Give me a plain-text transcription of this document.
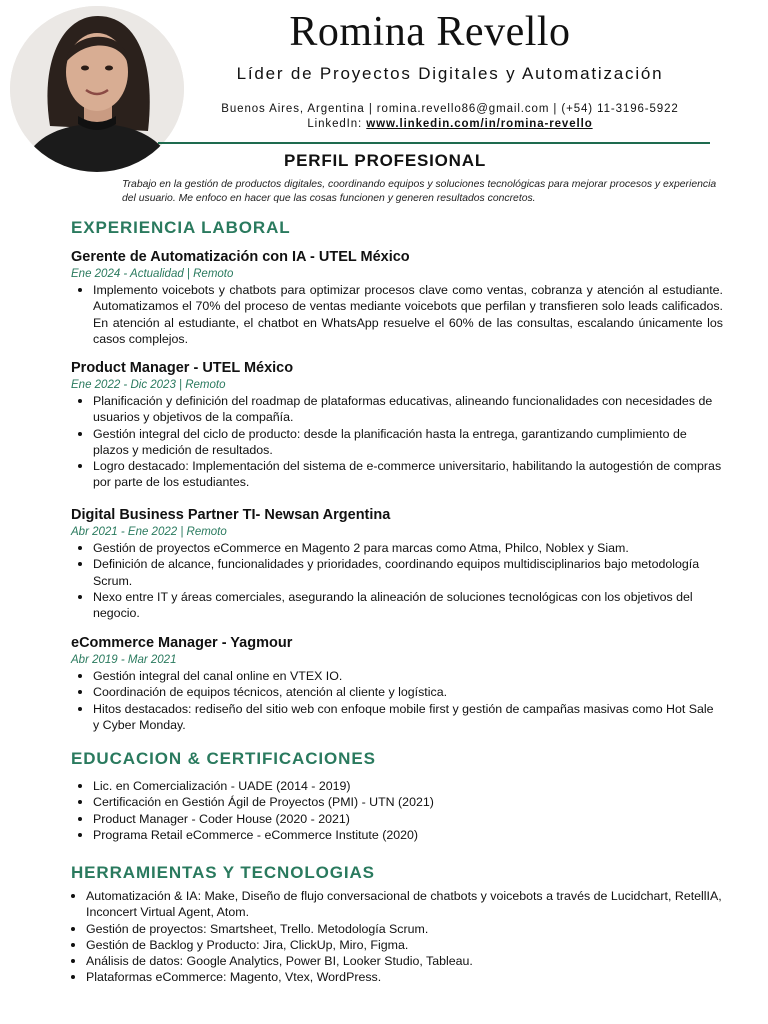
Romina Revello
Líder de Proyectos Digitales y Automatización
Buenos Aires, Argentina | romina.revello86@gmail.com | (+54) 11-3196-5922
LinkedIn: www.linkedin.com/in/romina-revello
PERFIL PROFESIONAL
Trabajo en la gestión de productos digitales, coordinando equipos y soluciones tecnológicas para mejorar procesos y experiencia del usuario. Me enfoco en hacer que las cosas funcionen y generen resultados concretos.
EXPERIENCIA LABORAL
Gerente de Automatización con IA - UTEL México
Ene 2024 - Actualidad | Remoto
Implemento voicebots y chatbots para optimizar procesos clave como ventas, cobranza y atención al estudiante. Automatizamos el 70% del proceso de ventas mediante voicebots que perfilan y transfieren solo leads calificados. En atención al estudiante, el chatbot en WhatsApp resuelve el 60% de las consultas, escalando únicamente los casos complejos.
Product Manager - UTEL México
Ene 2022 - Dic 2023 | Remoto
Planificación y definición del roadmap de plataformas educativas, alineando funcionalidades con necesidades de usuarios y objetivos de la compañía.
Gestión integral del ciclo de producto: desde la planificación hasta la entrega, garantizando cumplimiento de plazos y medición de resultados.
Logro destacado: Implementación del sistema de e-commerce universitario, habilitando la autogestión de compras por parte de los estudiantes.
Digital Business Partner TI- Newsan Argentina
Abr 2021 - Ene 2022 | Remoto
Gestión de proyectos eCommerce en Magento 2 para marcas como Atma, Philco, Noblex y Siam.
Definición de alcance, funcionalidades y prioridades, coordinando equipos multidisciplinarios bajo metodología Scrum.
Nexo entre IT y áreas comerciales, asegurando la alineación de soluciones tecnológicas con los objetivos del negocio.
eCommerce Manager - Yagmour
Abr 2019 - Mar 2021
Gestión integral del canal online en VTEX IO.
Coordinación de equipos técnicos, atención al cliente y logística.
Hitos destacados: rediseño del sitio web con enfoque mobile first y gestión de campañas masivas como Hot Sale y Cyber Monday.
EDUCACION & CERTIFICACIONES
Lic. en Comercialización - UADE (2014 - 2019)
Certificación en Gestión Ágil de Proyectos (PMI) - UTN (2021)
Product Manager - Coder House (2020 - 2021)
Programa Retail eCommerce - eCommerce Institute (2020)
HERRAMIENTAS Y TECNOLOGIAS
Automatización & IA: Make, Diseño de flujo conversacional de chatbots y voicebots a través de Lucidchart, RetellIA, Inconcert Virtual Agent, Atom.
Gestión de proyectos: Smartsheet, Trello. Metodología Scrum.
Gestión de Backlog y Producto: Jira, ClickUp, Miro, Figma.
Análisis de datos: Google Analytics, Power BI, Looker Studio, Tableau.
Plataformas eCommerce: Magento, Vtex, WordPress.
